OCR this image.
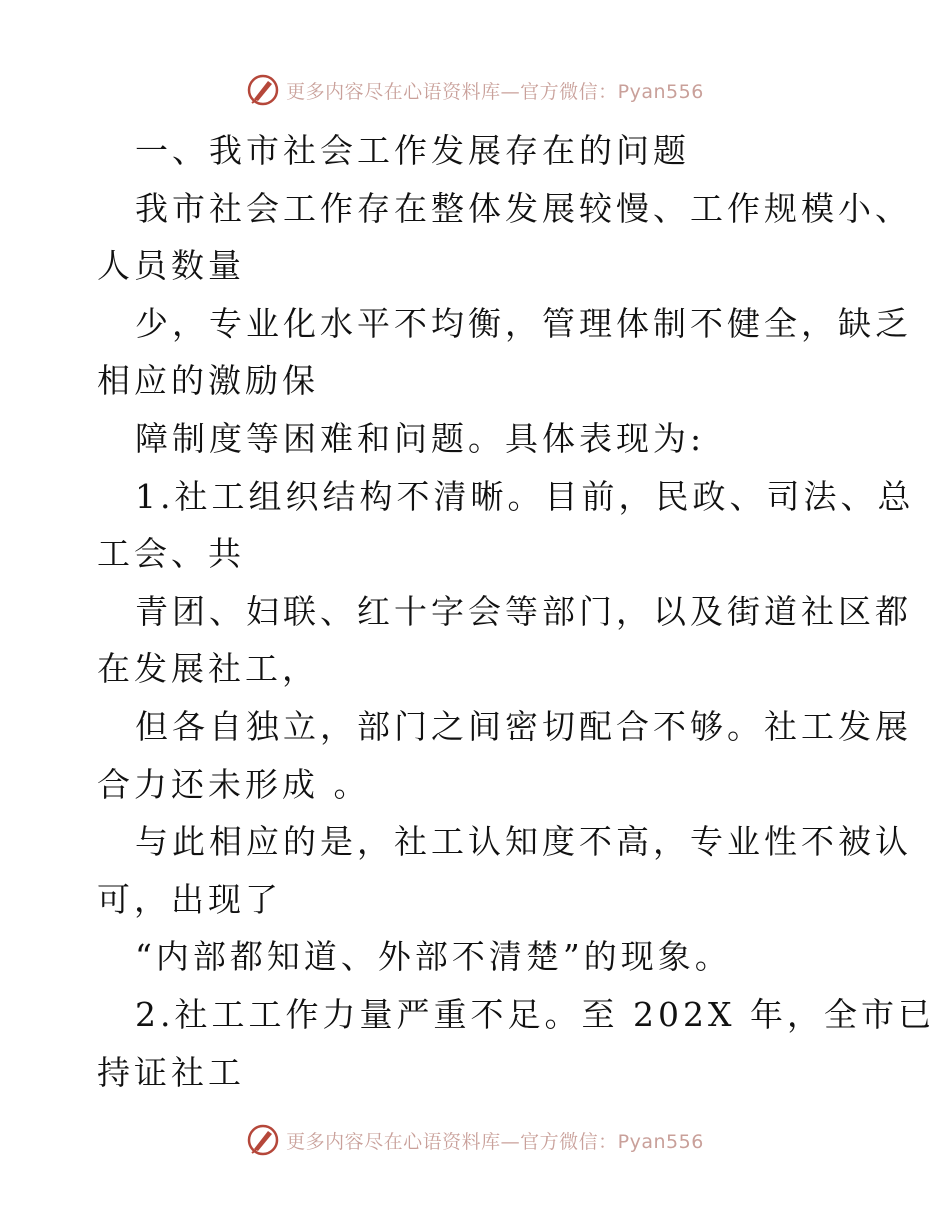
更多内容尽在心语资料库—官方微信：Pyan556

一、我市社会工作发展存在的问题

我市社会工作存在整体发展较慢、工作规模小、

人员数量

少，专业化水平不均衡，管理体制不健全，缺乏

相应的激励保

障制度等困难和问题。具体表现为:

1.社工组织结构不清晰。目前，民政、司法、总

工会、共

青团、妇联、红十字会等部门，以及街道社区都

在发展社工，

但各自独立，部门之间密切配合不够。社工发展

合力还未形成 。

与此相应的是，社工认知度不高，专业性不被认

可，出现了

“内部都知道、外部不清楚”的现象。

2.社工工作力量严重不足。至 202X 年，全市已

持证社工

更多内容尽在心语资料库—官方微信：Pyan556
